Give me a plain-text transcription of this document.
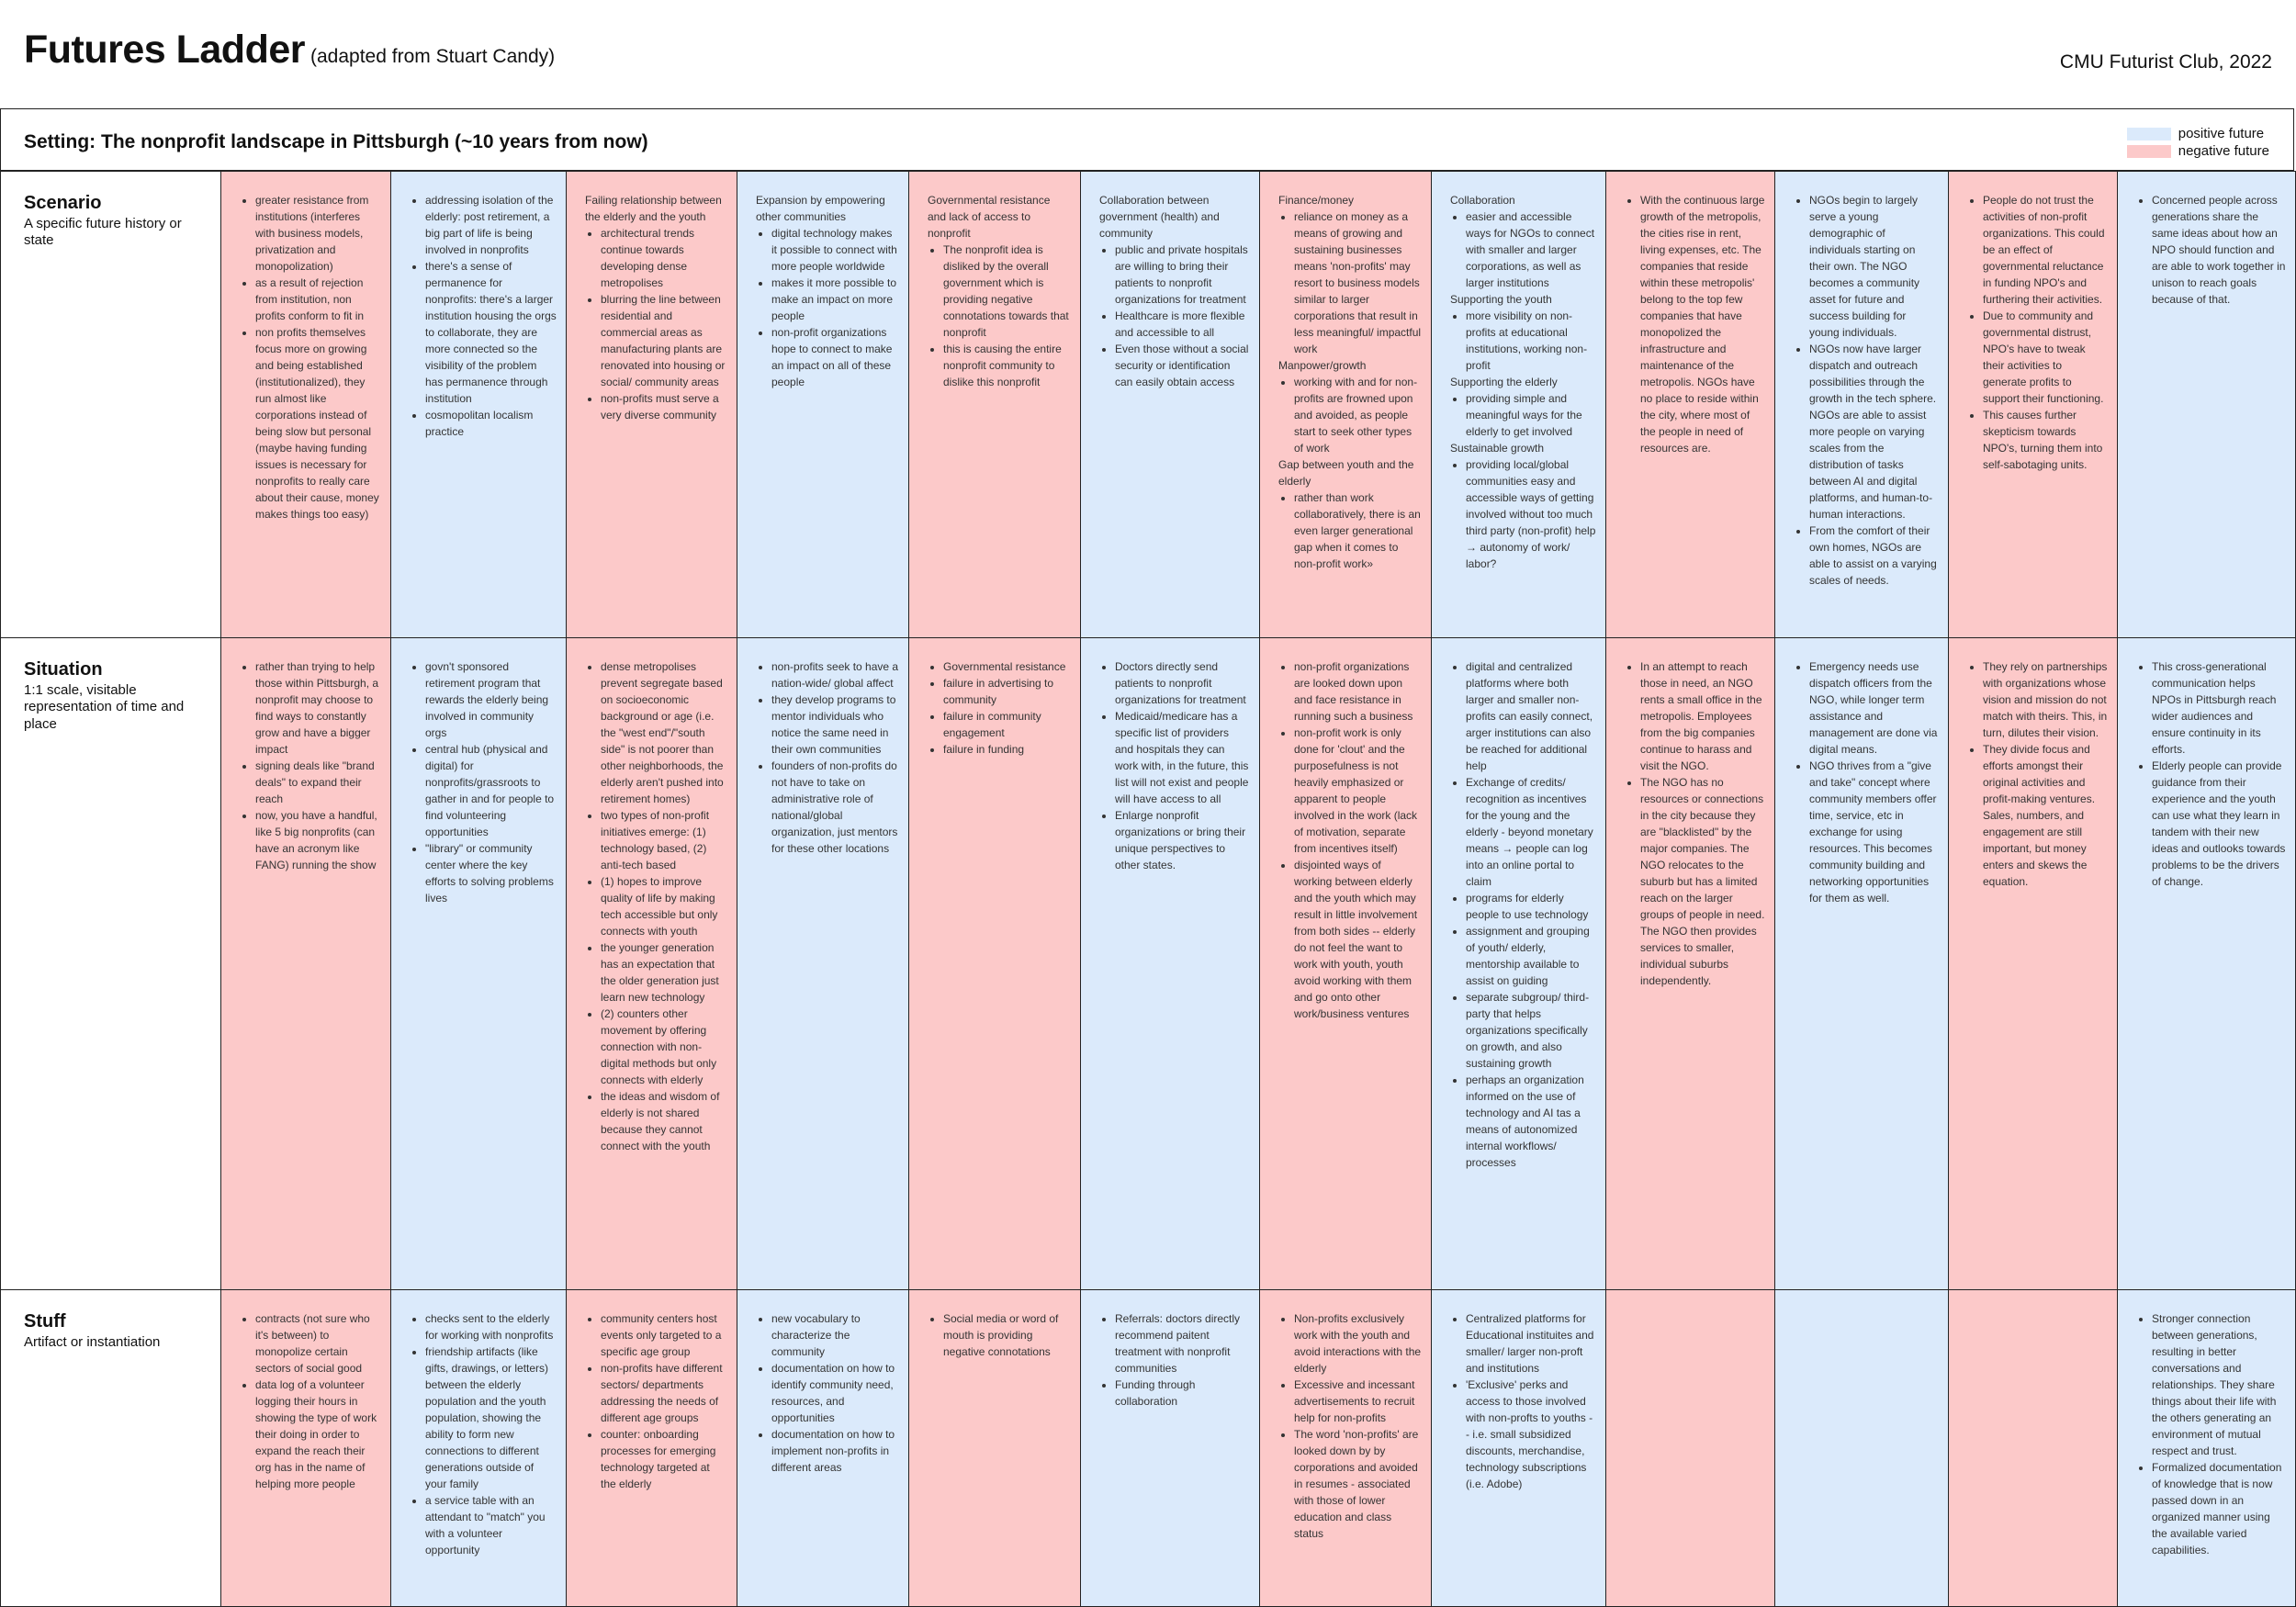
Futures Ladder (adapted from Stuart Candy)	CMU Futurist Club, 2022
Setting: The nonprofit landscape in Pittsburgh (~10 years from now)	positive future
negative future
Scenario
A specific future history or state
• greater resistance from institutions (interferes with business models, privatization and monopolization)
• as a result of rejection from institution, non profits conform to fit in
• non profits themselves focus more on growing and being established (institutionalized), they run almost like corporations instead of being slow but personal (maybe having funding issues is necessary for nonprofits to really care about their cause, money makes things too easy)
• addressing isolation of the elderly: post retirement, a big part of life is being involved in nonprofits
• there's a sense of permanence for nonprofits: there's a larger institution housing the orgs to collaborate, they are more connected so the visibility of the problem has permanence through institution
• cosmopolitan localism practice
Failing relationship between the elderly and the youth
• architectural trends continue towards developing dense metropolises
• blurring the line between residential and commercial areas as manufacturing plants are renovated into housing or social/ community areas
• non-profits must serve a very diverse community
Expansion by empowering other communities
• digital technology makes it possible to connect with more people worldwide
• makes it more possible to make an impact on more people
• non-profit organizations hope to connect to make an impact on all of these people
Governmental resistance and lack of access to nonprofit
• The nonprofit idea is disliked by the overall government which is providing negative connotations towards that nonprofit
• this is causing the entire nonprofit community to dislike this nonprofit
Collaboration between government (health) and community
• public and private hospitals are willing to bring their patients to nonprofit organizations for treatment
• Healthcare is more flexible and accessible to all
• Even those without a social security or identification can easily obtain access
Finance/money
• reliance on money as a means of growing and sustaining businesses means 'non-profits' may resort to business models similar to larger corporations that result in less meaningful/ impactful work
Manpower/growth
• working with and for non-profits are frowned upon and avoided, as people start to seek other types of work
Gap between youth and the elderly
• rather than work collaboratively, there is an even larger generational gap when it comes to non-profit work»
Collaboration
• easier and accessible ways for NGOs to connect with smaller and larger corporations, as well as larger institutions
Supporting the youth
• more visibility on non-profits at educational institutions, working non-profit
Supporting the elderly
• providing simple and meaningful ways for the elderly to get involved
Sustainable growth
• providing local/global communities easy and accessible ways of getting involved without too much third party (non-profit) help → autonomy of work/ labor?
• With the continuous large growth of the metropolis, the cities rise in rent, living expenses, etc. The companies that reside within these metropolis' belong to the top few companies that have monopolized the infrastructure and maintenance of the metropolis. NGOs have no place to reside within the city, where most of the people in need of resources are.
• NGOs begin to largely serve a young demographic of individuals starting on their own. The NGO becomes a community asset for future and success building for young individuals.
• NGOs now have larger dispatch and outreach possibilities through the growth in the tech sphere. NGOs are able to assist more people on varying scales from the distribution of tasks between AI and digital platforms, and human-to-human interactions.
• From the comfort of their own homes, NGOs are able to assist on a varying scales of needs.
• People do not trust the activities of non-profit organizations. This could be an effect of governmental reluctance in funding NPO's and furthering their activities.
• Due to community and governmental distrust, NPO's have to tweak their activities to generate profits to support their functioning.
• This causes further skepticism towards NPO's, turning them into self-sabotaging units.
• Concerned people across generations share the same ideas about how an NPO should function and are able to work together in unison to reach goals because of that.
Situation
1:1 scale, visitable representation of time and place
• rather than trying to help those within Pittsburgh, a nonprofit may choose to find ways to constantly grow and have a bigger impact
• signing deals like "brand deals" to expand their reach
• now, you have a handful, like 5 big nonprofits (can have an acronym like FANG) running the show
• govn't sponsored retirement program that rewards the elderly being involved in community orgs
• central hub (physical and digital) for nonprofits/grassroots to gather in and for people to find volunteering opportunities
• "library" or community center where the key efforts to solving problems lives
• dense metropolises prevent segregate based on socioeconomic background or age (i.e. the "west end"/"south side" is not poorer than other neighborhoods, the elderly aren't pushed into retirement homes)
• two types of non-profit initiatives emerge: (1) technology based, (2) anti-tech based
• (1) hopes to improve quality of life by making tech accessible but only connects with youth
• the younger generation has an expectation that the older generation just learn new technology
• (2) counters other movement by offering connection with non-digital methods but only connects with elderly
• the ideas and wisdom of elderly is not shared because they cannot connect with the youth
• non-profits seek to have a nation-wide/ global affect
• they develop programs to mentor individuals who notice the same need in their own communities
• founders of non-profits do not have to take on administrative role of national/global organization, just mentors for these other locations
• Governmental resistance
• failure in advertising to community
• failure in community engagement
• failure in funding
• Doctors directly send patients to nonprofit organizations for treatment
• Medicaid/medicare has a specific list of providers and hospitals they can work with, in the future, this list will not exist and people will have access to all
• Enlarge nonprofit organizations or bring their unique perspectives to other states.
• non-profit organizations are looked down upon and face resistance in running such a business
• non-profit work is only done for 'clout' and the purposefulness is not heavily emphasized or apparent to people involved in the work (lack of motivation, separate from incentives itself)
• disjointed ways of working between elderly and the youth which may result in little involvement from both sides -- elderly do not feel the want to work with youth, youth avoid working with them and go onto other work/business ventures
• digital and centralized platforms where both larger and smaller non-profits can easily connect, arger institutions can also be reached for additional help
• Exchange of credits/ recognition as incentives for the young and the elderly - beyond monetary means → people can log into an online portal to claim
• programs for elderly people to use technology
• assignment and grouping of youth/ elderly, mentorship available to assist on guiding
• separate subgroup/ third-party that helps organizations specifically on growth, and also sustaining growth
• perhaps an organization informed on the use of technology and AI tas a means of autonomized internal workflows/ processes
• In an attempt to reach those in need, an NGO rents a small office in the metropolis. Employees from the big companies continue to harass and visit the NGO.
• The NGO has no resources or connections in the city because they are "blacklisted" by the major companies. The NGO relocates to the suburb but has a limited reach on the larger groups of people in need. The NGO then provides services to smaller, individual suburbs independently.
• Emergency needs use dispatch officers from the NGO, while longer term assistance and management are done via digital means.
• NGO thrives from a "give and take" concept where community members offer time, service, etc in exchange for using resources. This becomes community building and networking opportunities for them as well.
• They rely on partnerships with organizations whose vision and mission do not match with theirs. This, in turn, dilutes their vision.
• They divide focus and efforts amongst their original activities and profit-making ventures. Sales, numbers, and engagement are still important, but money enters and skews the equation.
• This cross-generational communication helps NPOs in Pittsburgh reach wider audiences and ensure continuity in its efforts.
• Elderly people can provide guidance from their experience and the youth can use what they learn in tandem with their new ideas and outlooks towards problems to be the drivers of change.
Stuff
Artifact or instantiation
• contracts (not sure who it's between) to monopolize certain sectors of social good
• data log of a volunteer logging their hours in showing the type of work their doing in order to expand the reach their org has in the name of helping more people
• checks sent to the elderly for working with nonprofits
• friendship artifacts (like gifts, drawings, or letters) between the elderly population and the youth population, showing the ability to form new connections to different generations outside of your family
• a service table with an attendant to "match" you with a volunteer opportunity
• community centers host events only targeted to a specific age group
• non-profits have different sectors/ departments addressing the needs of different age groups
• counter: onboarding processes for emerging technology targeted at the elderly
• new vocabulary to characterize the community
• documentation on how to identify community need, resources, and opportunities
• documentation on how to implement non-profits in different areas
• Social media or word of mouth is providing negative connotations
• Referrals: doctors directly recommend paitent treatment with nonprofit communities
• Funding through collaboration
• Non-profits exclusively work with the youth and avoid interactions with the elderly
• Excessive and incessant advertisements to recruit help for non-profits
• The word 'non-profits' are looked down by by corporations and avoided in resumes - associated with those of lower education and class status
• Centralized platforms for Educational instituites and smaller/ larger non-proft and institutions
• 'Exclusive' perks and access to those involved with non-profts to youths -- i.e. small subsidized discounts, merchandise, technology subscriptions (i.e. Adobe)
• Stronger connection between generations, resulting in better conversations and relationships. They share things about their life with the others generating an environment of mutual respect and trust.
• Formalized documentation of knowledge that is now passed down in an organized manner using the available varied capabilities.
